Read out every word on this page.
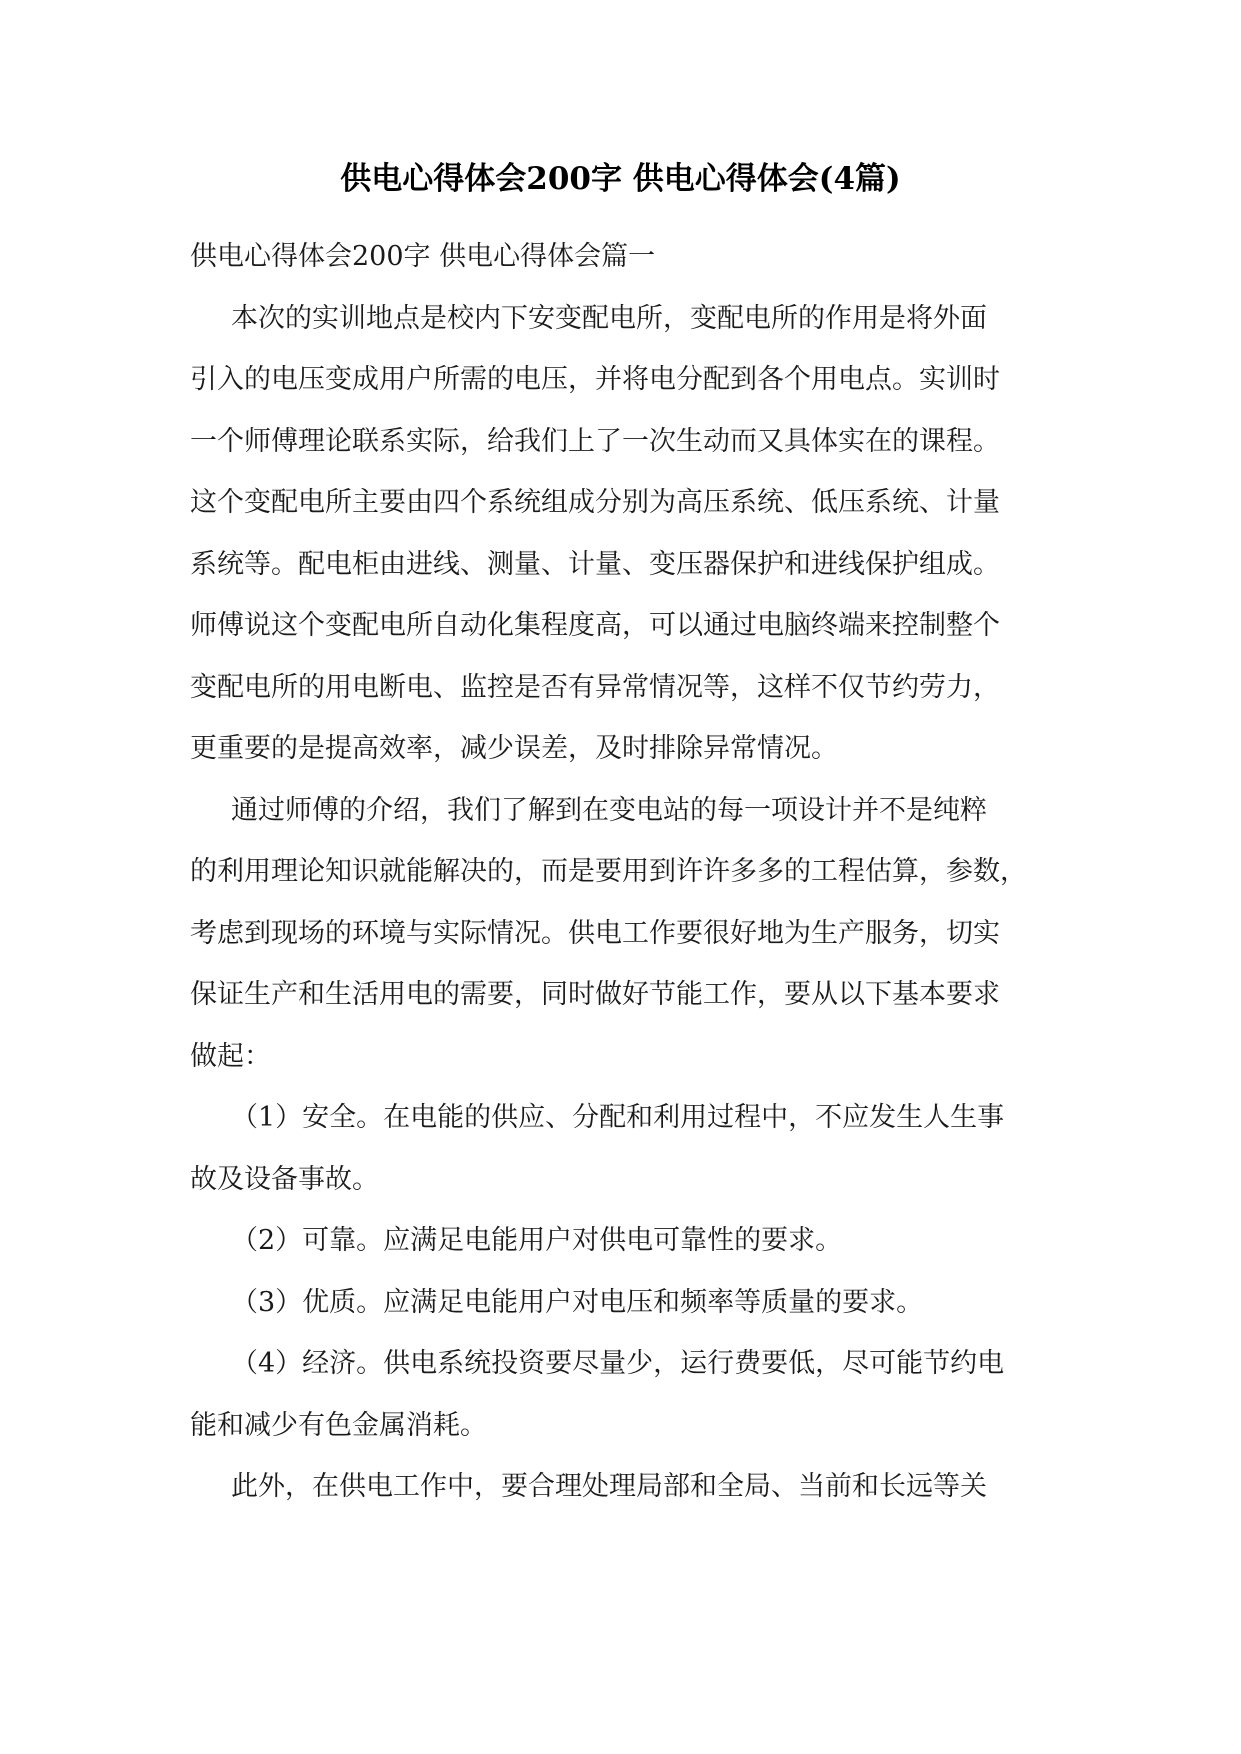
供电心得体会200字 供电心得体会(4篇)
供电心得体会200字 供电心得体会篇一
本次的实训地点是校内下安变配电所，变配电所的作用是将外面
引入的电压变成用户所需的电压，并将电分配到各个用电点。实训时
一个师傅理论联系实际，给我们上了一次生动而又具体实在的课程。
这个变配电所主要由四个系统组成分别为高压系统、低压系统、计量
系统等。配电柜由进线、测量、计量、变压器保护和进线保护组成。
师傅说这个变配电所自动化集程度高，可以通过电脑终端来控制整个
变配电所的用电断电、监控是否有异常情况等，这样不仅节约劳力，
更重要的是提高效率，减少误差，及时排除异常情况。
通过师傅的介绍，我们了解到在变电站的每一项设计并不是纯粹
的利用理论知识就能解决的，而是要用到许许多多的工程估算，参数，
考虑到现场的环境与实际情况。供电工作要很好地为生产服务，切实
保证生产和生活用电的需要，同时做好节能工作，要从以下基本要求
做起：
（1）安全。在电能的供应、分配和利用过程中，不应发生人生事
故及设备事故。
（2）可靠。应满足电能用户对供电可靠性的要求。
（3）优质。应满足电能用户对电压和频率等质量的要求。
（4）经济。供电系统投资要尽量少，运行费要低，尽可能节约电
能和减少有色金属消耗。
此外，在供电工作中，要合理处理局部和全局、当前和长远等关
